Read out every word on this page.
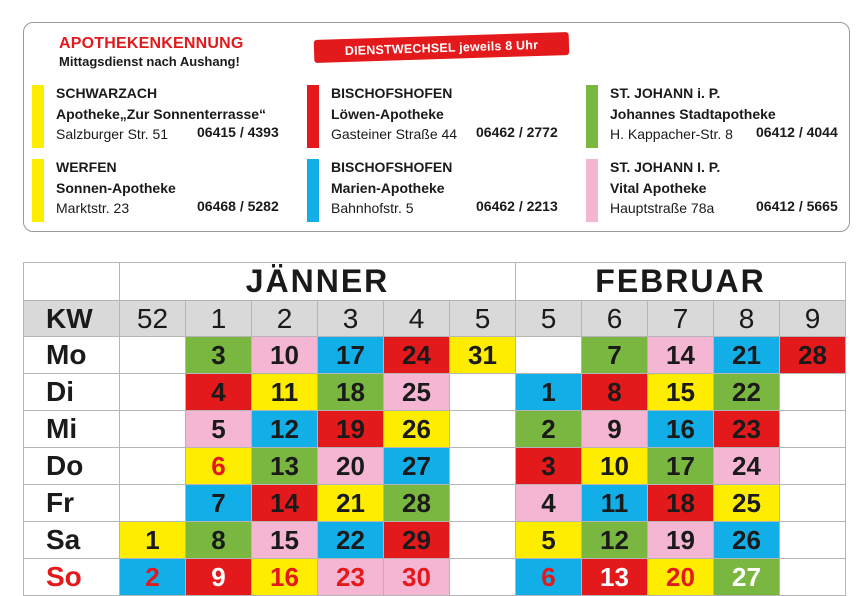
APOTHEKENKENNUNG
Mittagsdienst nach Aushang!
DIENSTWECHSEL jeweils 8 Uhr
SCHWARZACH
Apotheke„Zur Sonnenterrasse“
Salzburger Str. 51	06415 / 4393
WERFEN
Sonnen-Apotheke
Marktstr. 23	06468 / 5282
BISCHOFSHOFEN
Löwen-Apotheke
Gasteiner Straße 44 06462 / 2772
BISCHOFSHOFEN
Marien-Apotheke
Bahnhofstr. 5	06462 / 2213
ST. JOHANN i. P.
Johannes Stadtapotheke
H. Kappacher-Str. 8	06412 / 4044
ST. JOHANN I. P.
Vital Apotheke
Hauptstraße 78a	06412 / 5665
	JÄNNER						FEBRUAR				
KW	52	1	2	3	4	5	5	6	7	8	9
Mo		3	10	17	24	31		7	14	21	28
Di		4	11	18	25		1	8	15	22	
Mi		5	12	19	26		2	9	16	23	
Do		6	13	20	27		3	10	17	24	
Fr		7	14	21	28		4	11	18	25	
Sa	1	8	15	22	29		5	12	19	26	
So	2	9	16	23	30		6	13	20	27	
